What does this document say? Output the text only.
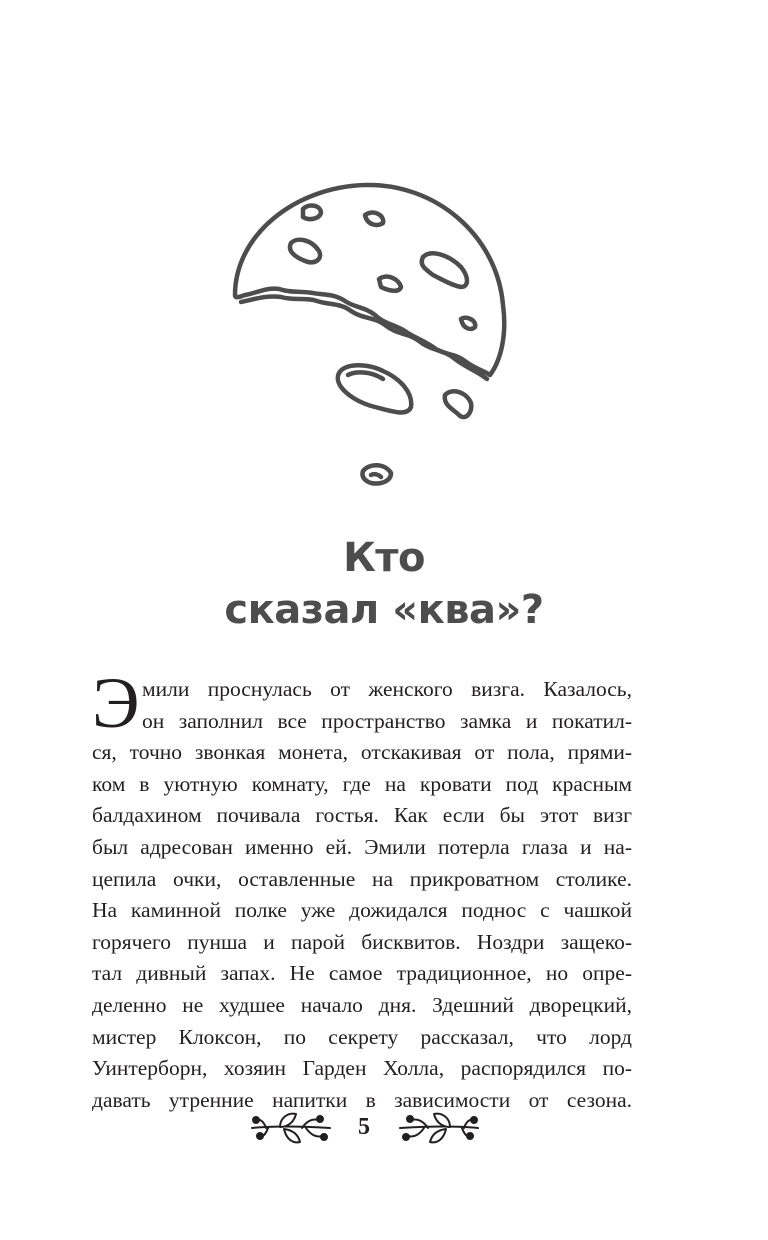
Кто
сказал «ква»?
Э мили проснулась от женского визга. Казалось,
он заполнил все пространство замка и покатил-
ся, точно звонкая монета, отскакивая от пола, прями-
ком в уютную комнату, где на кровати под красным
балдахином почивала гостья. Как если бы этот визг
был адресован именно ей. Эмили потерла глаза и на-
цепила очки, оставленные на прикроватном столике.
На каминной полке уже дожидался поднос с чашкой
горячего пунша и парой бисквитов. Ноздри защеко-
тал дивный запах. Не самое традиционное, но опре-
деленно не худшее начало дня. Здешний дворецкий,
мистер Клоксон, по секрету рассказал, что лорд
Уинтерборн, хозяин Гарден Холла, распорядился по-
давать утренние напитки в зависимости от сезона.
5
